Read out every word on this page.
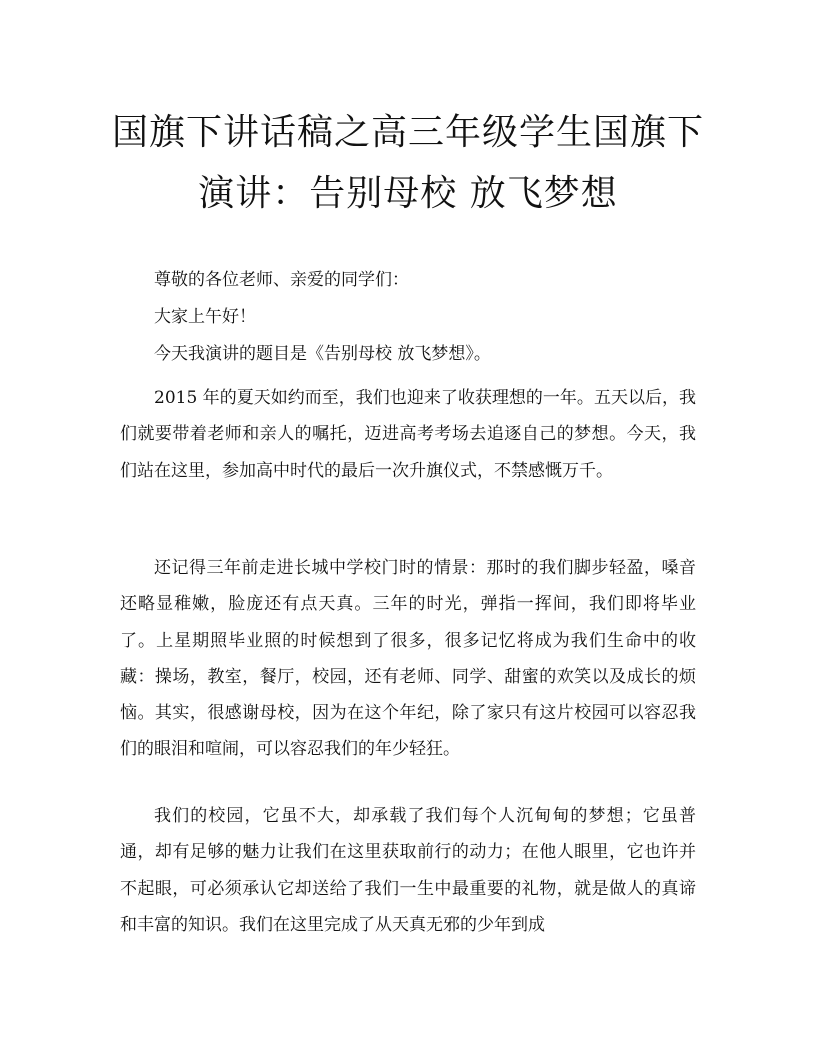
国旗下讲话稿之高三年级学生国旗下
演讲：告别母校 放飞梦想

尊敬的各位老师、亲爱的同学们：

大家上午好！

今天我演讲的题目是《告别母校 放飞梦想》。

2015 年的夏天如约而至，我们也迎来了收获理想的一年。五天以后，我们就要带着老师和亲人的嘱托，迈进高考考场去追逐自己的梦想。今天，我们站在这里，参加高中时代的最后一次升旗仪式，不禁感慨万千。

还记得三年前走进长城中学校门时的情景：那时的我们脚步轻盈，嗓音还略显稚嫩，脸庞还有点天真。三年的时光，弹指一挥间，我们即将毕业了。上星期照毕业照的时候想到了很多，很多记忆将成为我们生命中的收藏：操场，教室，餐厅，校园，还有老师、同学、甜蜜的欢笑以及成长的烦恼。其实，很感谢母校，因为在这个年纪，除了家只有这片校园可以容忍我们的眼泪和喧闹，可以容忍我们的年少轻狂。

我们的校园，它虽不大，却承载了我们每个人沉甸甸的梦想；它虽普通，却有足够的魅力让我们在这里获取前行的动力；在他人眼里，它也许并不起眼，可必须承认它却送给了我们一生中最重要的礼物，就是做人的真谛和丰富的知识。我们在这里完成了从天真无邪的少年到成
